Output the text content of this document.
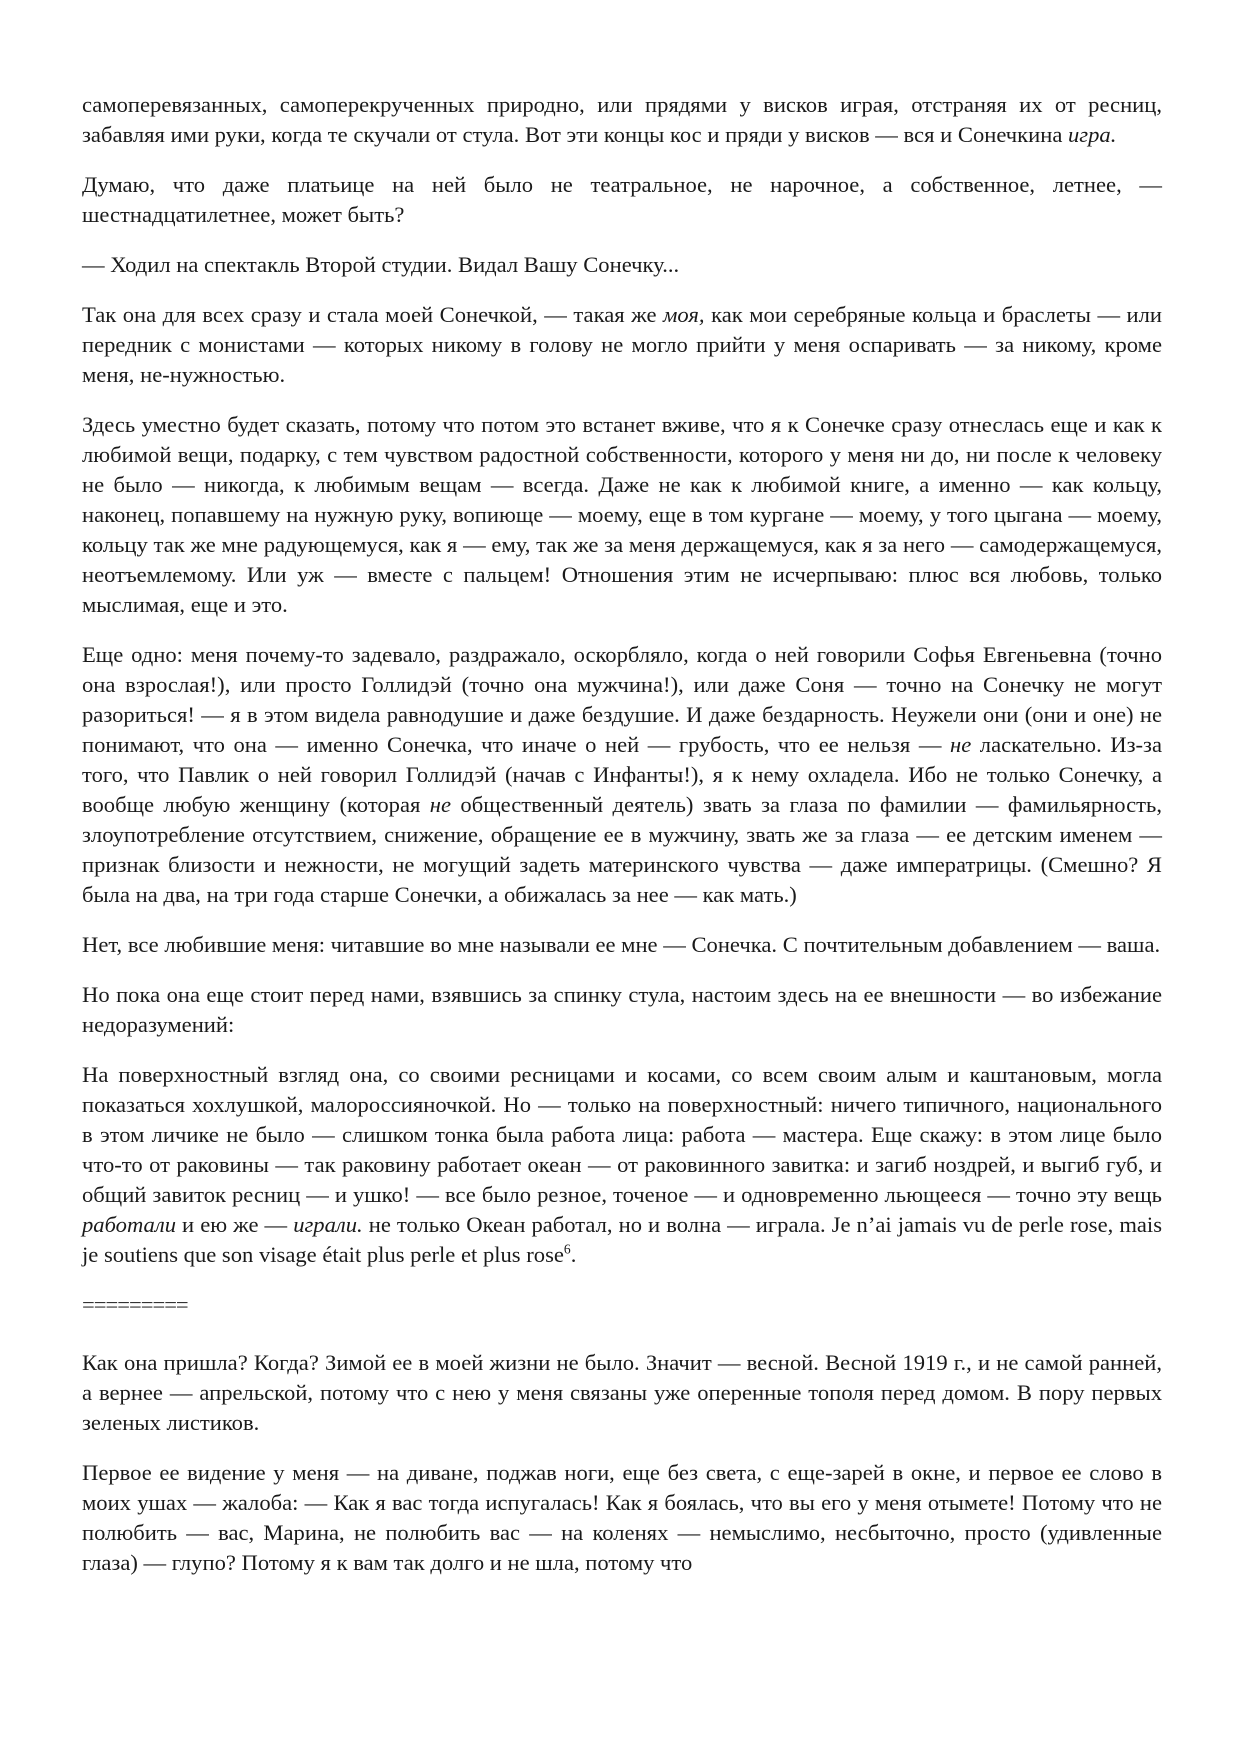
самоперевязанных, самоперекрученных природно, или прядями у висков играя, отстраняя их от ресниц, забавляя ими руки, когда те скучали от стула. Вот эти концы кос и пряди у висков — вся и Сонечкина игра.

Думаю, что даже платьице на ней было не театральное, не нарочное, а собственное, летнее, — шестнадцатилетнее, может быть?

— Ходил на спектакль Второй студии. Видал Вашу Сонечку...

Так она для всех сразу и стала моей Сонечкой, — такая же моя, как мои серебряные кольца и браслеты — или передник с монистами — которых никому в голову не могло прийти у меня оспаривать — за никому, кроме меня, не-нужностью.

Здесь уместно будет сказать, потому что потом это встанет вживе, что я к Сонечке сразу отнеслась еще и как к любимой вещи, подарку, с тем чувством радостной собственности, которого у меня ни до, ни после к человеку не было — никогда, к любимым вещам — всегда. Даже не как к любимой книге, а именно — как кольцу, наконец, попавшему на нужную руку, вопиюще — моему, еще в том кургане — моему, у того цыгана — моему, кольцу так же мне радующемуся, как я — ему, так же за меня держащемуся, как я за него — самодержащемуся, неотъемлемому. Или уж — вместе с пальцем! Отношения этим не исчерпываю: плюс вся любовь, только мыслимая, еще и это.

Еще одно: меня почему-то задевало, раздражало, оскорбляло, когда о ней говорили Софья Евгеньевна (точно она взрослая!), или просто Голлидэй (точно она мужчина!), или даже Соня — точно на Сонечку не могут разориться! — я в этом видела равнодушие и даже бездушие. И даже бездарность. Неужели они (они и оне) не понимают, что она — именно Сонечка, что иначе о ней — грубость, что ее нельзя — не ласкательно. Из-за того, что Павлик о ней говорил Голлидэй (начав с Инфанты!), я к нему охладела. Ибо не только Сонечку, а вообще любую женщину (которая не общественный деятель) звать за глаза по фамилии — фамильярность, злоупотребление отсутствием, снижение, обращение ее в мужчину, звать же за глаза — ее детским именем — признак близости и нежности, не могущий задеть материнского чувства — даже императрицы. (Смешно? Я была на два, на три года старше Сонечки, а обижалась за нее — как мать.)

Нет, все любившие меня: читавшие во мне называли ее мне — Сонечка. С почтительным добавлением — ваша.

Но пока она еще стоит перед нами, взявшись за спинку стула, настоим здесь на ее внешности — во избежание недоразумений:

На поверхностный взгляд она, со своими ресницами и косами, со всем своим алым и каштановым, могла показаться хохлушкой, малороссияночкой. Но — только на поверхностный: ничего типичного, национального в этом личике не было — слишком тонка была работа лица: работа — мастера. Еще скажу: в этом лице было что-то от раковины — так раковину работает океан — от раковинного завитка: и загиб ноздрей, и выгиб губ, и общий завиток ресниц — и ушко! — все было резное, точеное — и одновременно льющееся — точно эту вещь работали и ею же — играли. не только Океан работал, но и волна — играла. Je n’ai jamais vu de perle rose, mais je soutiens que son visage était plus perle et plus rose$^6$.

=========

Как она пришла? Когда? Зимой ее в моей жизни не было. Значит — весной. Весной 1919 г., и не самой ранней, а вернее — апрельской, потому что с нею у меня связаны уже оперенные тополя перед домом. В пору первых зеленых листиков.

Первое ее видение у меня — на диване, поджав ноги, еще без света, с еще-зарей в окне, и первое ее слово в моих ушах — жалоба: — Как я вас тогда испугалась! Как я боялась, что вы его у меня отымете! Потому что не полюбить — вас, Марина, не полюбить вас — на коленях — немыслимо, несбыточно, просто (удивленные глаза) — глупо? Потому я к вам так долго и не шла, потому что
